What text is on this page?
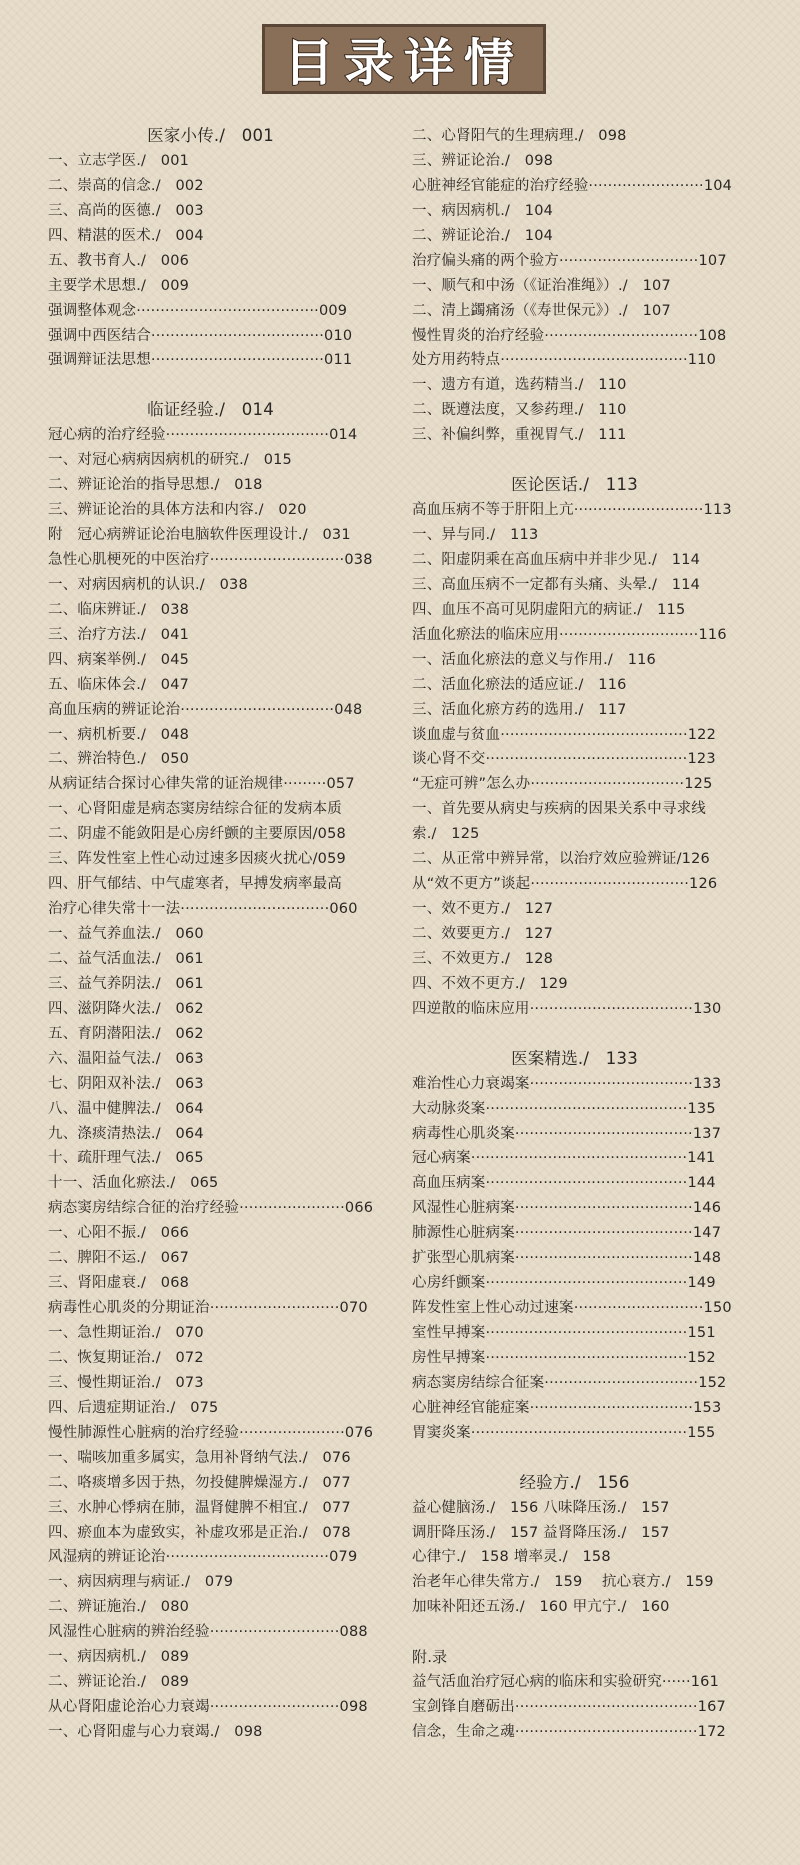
目录详情
医家小传./　001
一、立志学医./　001
二、崇高的信念./　002
三、高尚的医德./　003
四、精湛的医术./　004
五、教书育人./　006
主要学术思想./　009
强调整体观念······································009
强调中西医结合····································010
强调辩证法思想····································011
临证经验./　014
冠心病的治疗经验··································014
一、对冠心病病因病机的研究./　015
二、辨证论治的指导思想./　018
三、辨证论治的具体方法和内容./　020
附　冠心病辨证论治电脑软件医理设计./　031
急性心肌梗死的中医治疗····························038
一、对病因病机的认识./　038
二、临床辨证./　038
三、治疗方法./　041
四、病案举例./　045
五、临床体会./　047
高血压病的辨证论治································048
一、病机析要./　048
二、辨治特色./　050
从病证结合探讨心律失常的证治规律·········057
一、心肾阳虚是病态窦房结综合征的发病本质
二、阴虚不能敛阳是心房纤颤的主要原因/058
三、阵发性室上性心动过速多因痰火扰心/059
四、肝气郁结、中气虚寒者，早搏发病率最高
治疗心律失常十一法·······························060
一、益气养血法./　060
二、益气活血法./　061
三、益气养阴法./　061
四、滋阴降火法./　062
五、育阴潜阳法./　062
六、温阳益气法./　063
七、阴阳双补法./　063
八、温中健脾法./　064
九、涤痰清热法./　064
十、疏肝理气法./　065
十一、活血化瘀法./　065
病态窦房结综合征的治疗经验······················066
一、心阳不振./　066
二、脾阳不运./　067
三、肾阳虚衰./　068
病毒性心肌炎的分期证治···························070
一、急性期证治./　070
二、恢复期证治./　072
三、慢性期证治./　073
四、后遗症期证治./　075
慢性肺源性心脏病的治疗经验······················076
一、喘咳加重多属实，急用补肾纳气法./　076
二、咯痰增多因于热，勿投健脾燥湿方./　077
三、水肿心悸病在肺，温肾健脾不相宜./　077
四、瘀血本为虚致实，补虚攻邪是正治./　078
风湿病的辨证论治··································079
一、病因病理与病证./　079
二、辨证施治./　080
风湿性心脏病的辨治经验···························088
一、病因病机./　089
二、辨证论治./　089
从心肾阳虚论治心力衰竭···························098
一、心肾阳虚与心力衰竭./　098
二、心肾阳气的生理病理./　098
三、辨证论治./　098
心脏神经官能症的治疗经验························104
一、病因病机./　104
二、辨证论治./　104
治疗偏头痛的两个验方·····························107
一、顺气和中汤（《证治准绳》）./　107
二、清上蠲痛汤（《寿世保元》）./　107
慢性胃炎的治疗经验································108
处方用药特点·······································110
一、遗方有道，选药精当./　110
二、既遵法度，又参药理./　110
三、补偏纠弊，重视胃气./　111
医论医话./　113
高血压病不等于肝阳上亢···························113
一、异与同./　113
二、阳虚阴乘在高血压病中并非少见./　114
三、高血压病不一定都有头痛、头晕./　114
四、血压不高可见阴虚阳亢的病证./　115
活血化瘀法的临床应用·····························116
一、活血化瘀法的意义与作用./　116
二、活血化瘀法的适应证./　116
三、活血化瘀方药的选用./　117
谈血虚与贫血·······································122
谈心肾不交··········································123
“无症可辨”怎么办································125
一、首先要从病史与疾病的因果关系中寻求线
索./　125
二、从正常中辨异常，以治疗效应验辨证/126
从“效不更方”谈起·································126
一、效不更方./　127
二、效要更方./　127
三、不效更方./　128
四、不效不更方./　129
四逆散的临床应用··································130
医案精选./　133
难治性心力衰竭案··································133
大动脉炎案··········································135
病毒性心肌炎案·····································137
冠心病案·············································141
高血压病案··········································144
风湿性心脏病案·····································146
肺源性心脏病案·····································147
扩张型心肌病案·····································148
心房纤颤案··········································149
阵发性室上性心动过速案···························150
室性早搏案··········································151
房性早搏案··········································152
病态窦房结综合征案································152
心脏神经官能症案··································153
胃窦炎案·············································155
经验方./　156
益心健脑汤./　156 八味降压汤./　157
调肝降压汤./　157 益肾降压汤./　157
心律宁./　158 增率灵./　158
治老年心律失常方./　159　 抗心衰方./　159
加味补阳还五汤./　160 甲亢宁./　160
附.录
益气活血治疗冠心病的临床和实验研究······161
宝剑锋自磨砺出······································167
信念，生命之魂······································172
